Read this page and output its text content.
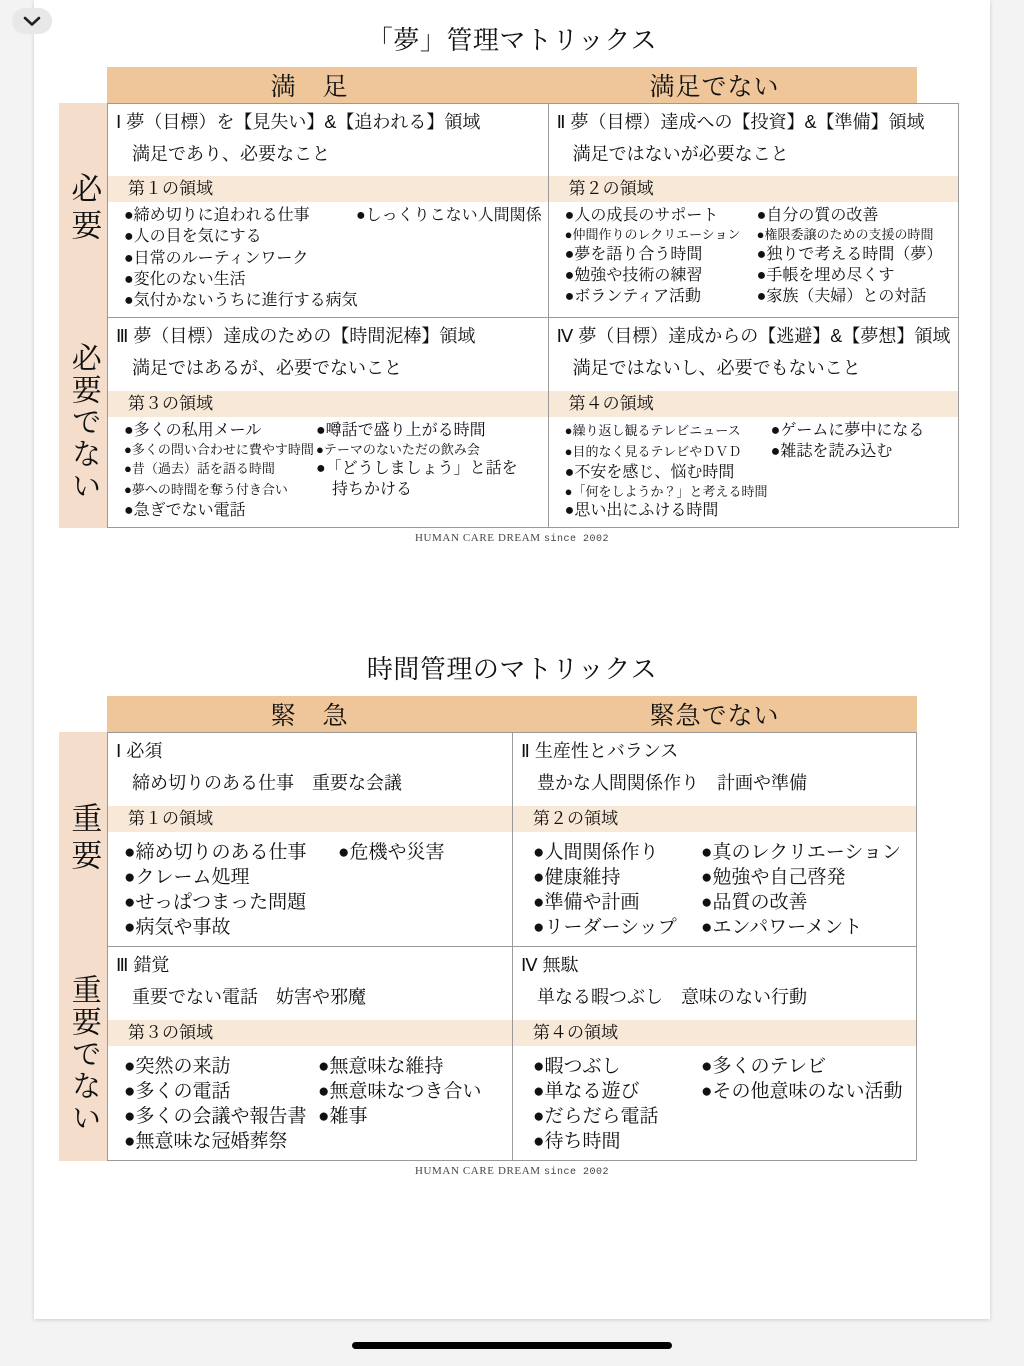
「夢」管理マトリックス
満　足	満足でない
必要
必要でない
Ⅰ 夢（目標）を【見失い】&【追われる】領域
満足であり、必要なこと
第１の領域
●締め切りに追われる仕事	●しっくりこない人間関係
●人の目を気にする
●日常のルーティンワーク
●変化のない生活
●気付かないうちに進行する病気
Ⅱ 夢（目標）達成への【投資】&【準備】領域
満足ではないが必要なこと
第２の領域
●人の成長のサポート	●自分の質の改善
●仲間作りのレクリエーション	●権限委譲のための支援の時間
●夢を語り合う時間	●独りで考える時間（夢）
●勉強や技術の練習	●手帳を埋め尽くす
●ボランティア活動	●家族（夫婦）との対話
Ⅲ 夢（目標）達成のための【時間泥棒】領域
満足ではあるが、必要でないこと
第３の領域
●多くの私用メール	●噂話で盛り上がる時間
●多くの問い合わせに費やす時間 ●テーマのないただの飲み会
●昔（過去）話を語る時間	●「どうしましょう」と話を
●夢への時間を奪う付き合い	　持ちかける
●急ぎでない電話
Ⅳ 夢（目標）達成からの【逃避】&【夢想】領域
満足ではないし、必要でもないこと
第４の領域
●繰り返し観るテレビニュース	●ゲームに夢中になる
●目的なく見るテレビやＤＶＤ	●雑誌を読み込む
●不安を感じ、悩む時間
●「何をしようか？」と考える時間
●思い出にふける時間
HUMAN CARE DREAM since 2002
時間管理のマトリックス
緊　急	緊急でない
重要
重要でない
Ⅰ 必須
締め切りのある仕事　重要な会議
第１の領域
●締め切りのある仕事	●危機や災害
●クレーム処理
●せっぱつまった問題
●病気や事故
Ⅱ 生産性とバランス
豊かな人間関係作り　計画や準備
第２の領域
●人間関係作り	●真のレクリエーション
●健康維持	●勉強や自己啓発
●準備や計画	●品質の改善
●リーダーシップ	●エンパワーメント
Ⅲ 錯覚
重要でない電話　妨害や邪魔
第３の領域
●突然の来訪	●無意味な維持
●多くの電話	●無意味なつき合い
●多くの会議や報告書 ●雑事
●無意味な冠婚葬祭
Ⅳ 無駄
単なる暇つぶし　意味のない行動
第４の領域
●暇つぶし	●多くのテレビ
●単なる遊び	●その他意味のない活動
●だらだら電話
●待ち時間
HUMAN CARE DREAM since 2002
